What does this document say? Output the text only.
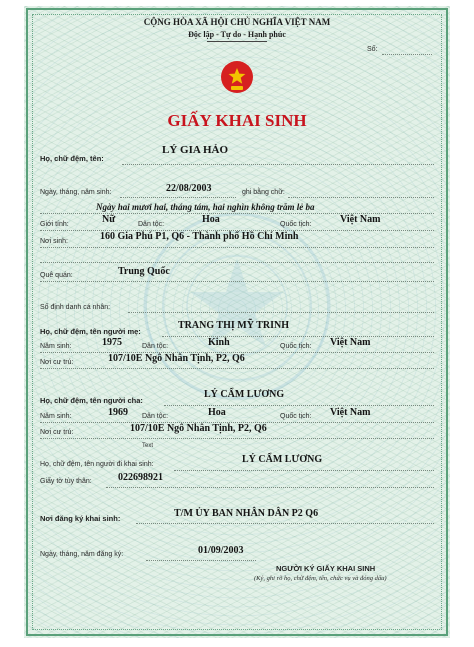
CỘNG HÒA XÃ HỘI CHỦ NGHĨA VIỆT NAM
Độc lập - Tự do - Hạnh phúc
Số:
GIẤY KHAI SINH
Họ, chữ đệm, tên:
LÝ GIA HẢO
Ngày, tháng, năm sinh:	22/08/2003	ghi bằng chữ:
Ngày hai mươi hai, tháng tám, hai nghìn không trăm lẻ ba
Giới tính:	Nữ	Dân tộc:	Hoa	Quốc tịch:	Việt Nam
Nơi sinh:	160 Gia Phú P1, Q6 - Thành phố Hồ Chí Minh
Quê quán:	Trung Quốc
Số định danh cá nhân:
Họ, chữ đệm, tên người mẹ:
TRANG THỊ MỸ TRINH
Năm sinh:	1975	Dân tộc:	Kinh	Quốc tịch: Việt Nam
Nơi cư trú:	107/10E Ngô Nhân Tịnh, P2, Q6
Họ, chữ đệm, tên người cha:
LÝ CẨM LƯƠNG
Năm sinh:	1969 Dân tộc:	Hoa	Quốc tịch: Việt Nam
Nơi cư trú:	107/10E Ngô Nhân Tịnh, P2, Q6
Text
Họ, chữ đệm, tên người đi khai sinh:	LÝ CẨM LƯƠNG
Giấy tờ tùy thân:	022698921
Nơi đăng ký khai sinh:	T/M ỦY BAN NHÂN DÂN P2 Q6
Ngày, tháng, năm đăng ký:	01/09/2003
NGƯỜI KÝ GIẤY KHAI SINH
(Ký, ghi rõ họ, chữ đệm, tên, chức vụ và đóng dấu)
